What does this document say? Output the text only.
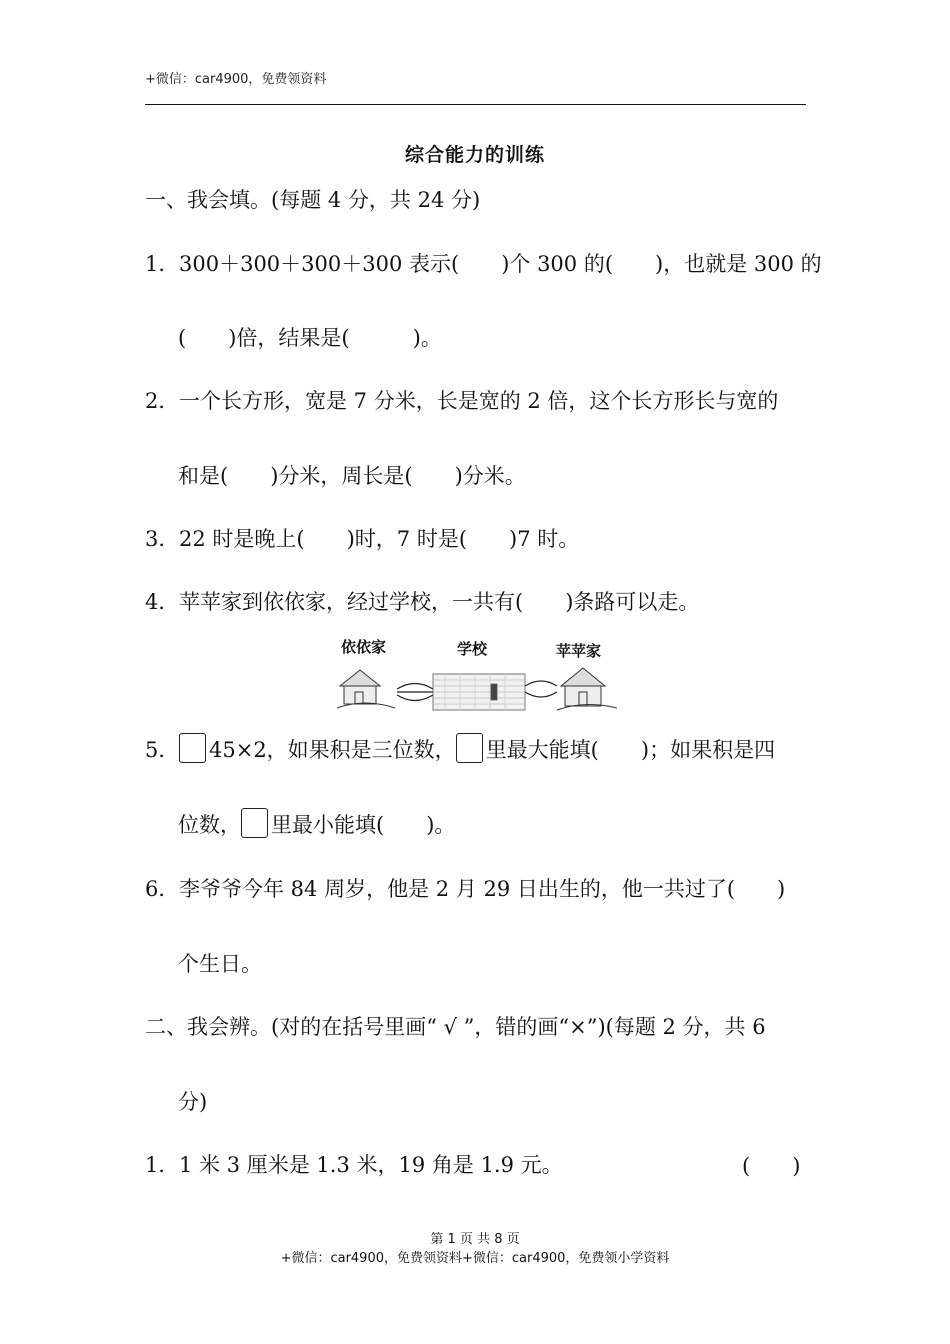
+微信：car4900，免费领资料
综合能力的训练
一、我会填。(每题 4 分，共 24 分)
1．300＋300＋300＋300 表示(　　)个 300 的(　　)，也就是 300 的
(　　)倍，结果是(　　　)。
2．一个长方形，宽是 7 分米，长是宽的 2 倍，这个长方形长与宽的
和是(　　)分米，周长是(　　)分米。
3．22 时是晚上(　　)时，7 时是(　　)7 时。
4．苹苹家到依依家，经过学校，一共有(　　)条路可以走。
依依家	学校	苹苹家
5． 45×2，如果积是三位数， 里最大能填(　　)；如果积是四
位数， 里最小能填(　　)。
6．李爷爷今年 84 周岁，他是 2 月 29 日出生的，他一共过了(　　)
个生日。
二、我会辨。(对的在括号里画“ √ ”，错的画“×”)(每题 2 分，共 6
分)
1．1 米 3 厘米是 1.3 米，19 角是 1.9 元。	(　　)
第 1 页 共 8 页
+微信：car4900，免费领资料+微信：car4900，免费领小学资料
